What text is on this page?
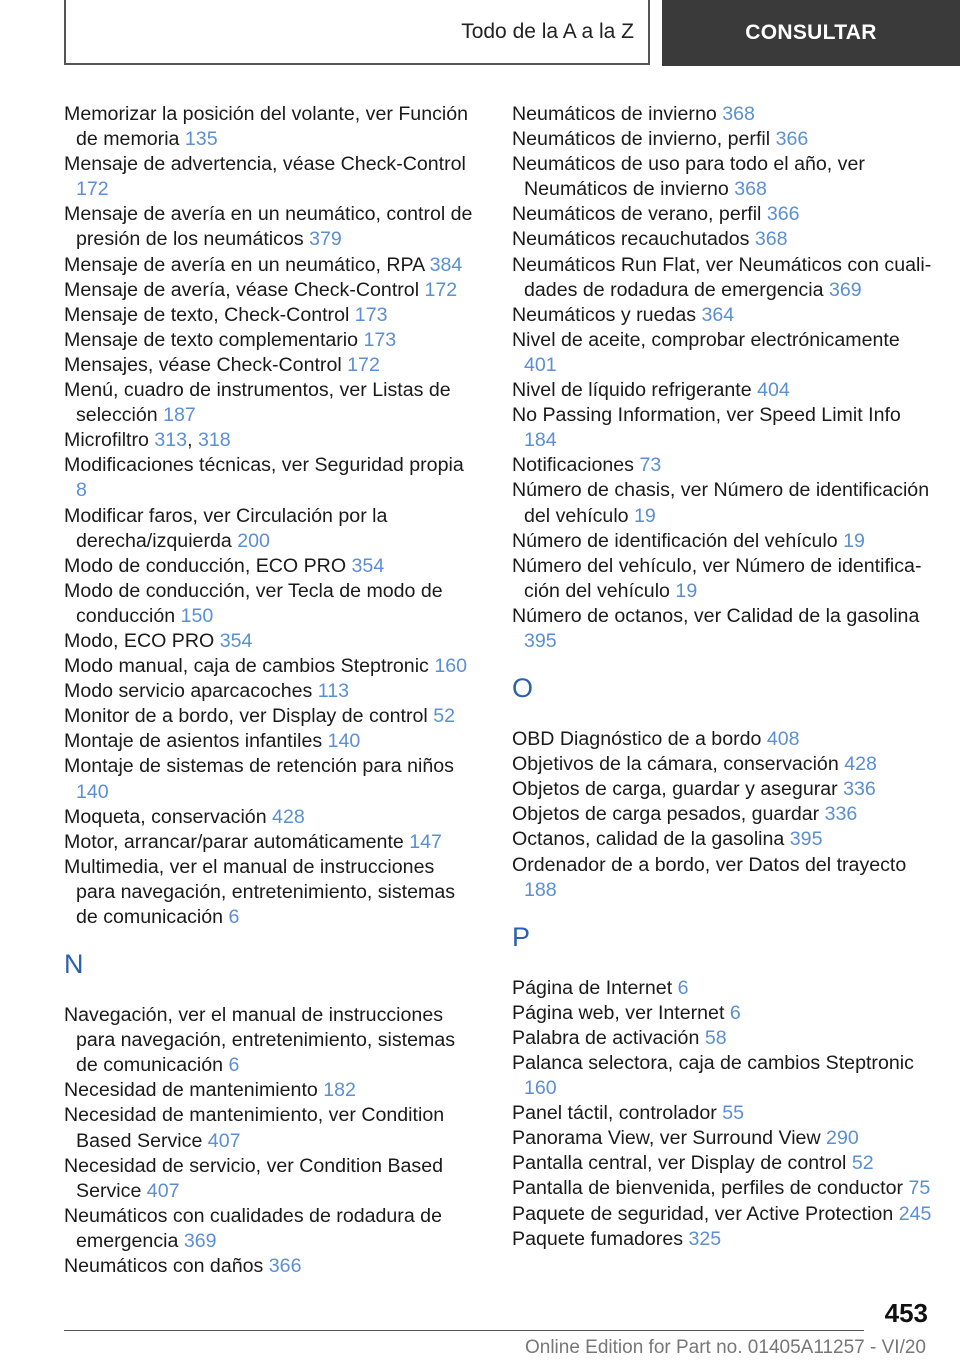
Todo de la A a la Z	CONSULTAR
Memorizar la posición del volante, ver Función de memoria 135
Mensaje de advertencia, véase Check-Control 172
Mensaje de avería en un neumático, control de presión de los neumáticos 379
Mensaje de avería en un neumático, RPA 384
Mensaje de avería, véase Check-Control 172
Mensaje de texto, Check-Control 173
Mensaje de texto complementario 173
Mensajes, véase Check-Control 172
Menú, cuadro de instrumentos, ver Listas de selección 187
Microfiltro 313, 318
Modificaciones técnicas, ver Seguridad propia 8
Modificar faros, ver Circulación por la derecha/izquierda 200
Modo de conducción, ECO PRO 354
Modo de conducción, ver Tecla de modo de conducción 150
Modo, ECO PRO 354
Modo manual, caja de cambios Steptronic 160
Modo servicio aparcacoches 113
Monitor de a bordo, ver Display de control 52
Montaje de asientos infantiles 140
Montaje de sistemas de retención para niños 140
Moqueta, conservación 428
Motor, arrancar/parar automáticamente 147
Multimedia, ver el manual de instrucciones para navegación, entretenimiento, sistemas de comunicación 6
N
Navegación, ver el manual de instrucciones para navegación, entretenimiento, sistemas de comunicación 6
Necesidad de mantenimiento 182
Necesidad de mantenimiento, ver Condition Based Service 407
Necesidad de servicio, ver Condition Based Service 407
Neumáticos con cualidades de rodadura de emergencia 369
Neumáticos con daños 366
Neumáticos de invierno 368
Neumáticos de invierno, perfil 366
Neumáticos de uso para todo el año, ver Neumáticos de invierno 368
Neumáticos de verano, perfil 366
Neumáticos recauchutados 368
Neumáticos Run Flat, ver Neumáticos con cualidades de rodadura de emergencia 369
Neumáticos y ruedas 364
Nivel de aceite, comprobar electrónicamente 401
Nivel de líquido refrigerante 404
No Passing Information, ver Speed Limit Info 184
Notificaciones 73
Número de chasis, ver Número de identificación del vehículo 19
Número de identificación del vehículo 19
Número del vehículo, ver Número de identificación del vehículo 19
Número de octanos, ver Calidad de la gasolina 395
O
OBD Diagnóstico de a bordo 408
Objetivos de la cámara, conservación 428
Objetos de carga, guardar y asegurar 336
Objetos de carga pesados, guardar 336
Octanos, calidad de la gasolina 395
Ordenador de a bordo, ver Datos del trayecto 188
P
Página de Internet 6
Página web, ver Internet 6
Palabra de activación 58
Palanca selectora, caja de cambios Steptronic 160
Panel táctil, controlador 55
Panorama View, ver Surround View 290
Pantalla central, ver Display de control 52
Pantalla de bienvenida, perfiles de conductor 75
Paquete de seguridad, ver Active Protection 245
Paquete fumadores 325
453
Online Edition for Part no. 01405A11257 - VI/20
